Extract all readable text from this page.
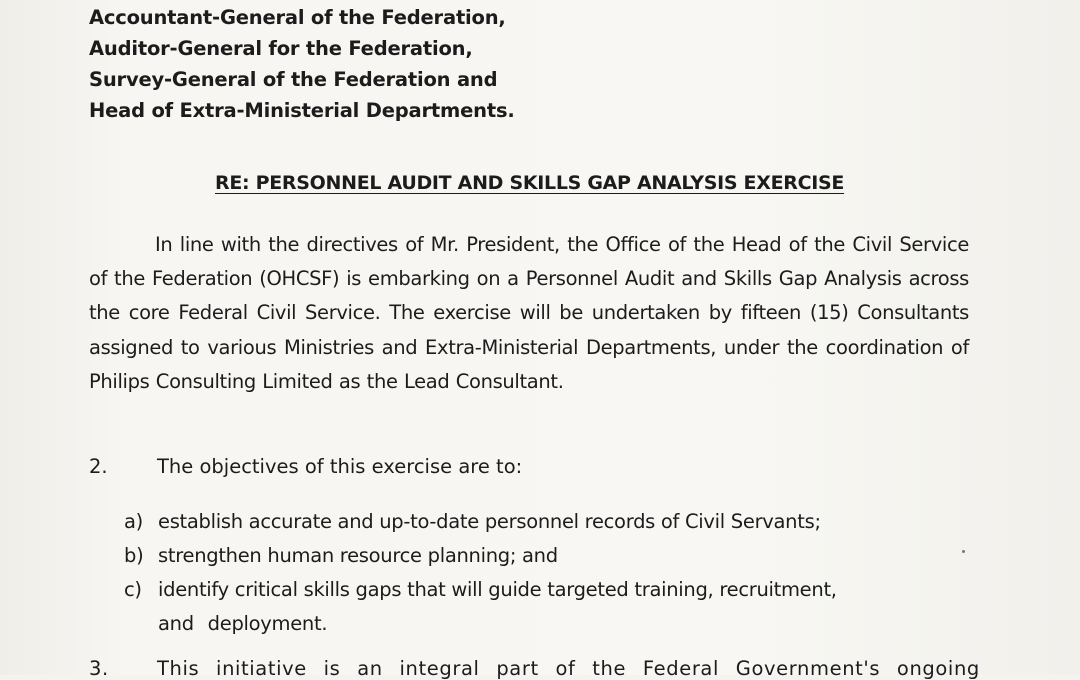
Accountant-General of the Federation,
Auditor-General for the Federation,
Survey-General of the Federation and
Head of Extra-Ministerial Departments.
RE: PERSONNEL AUDIT AND SKILLS GAP ANALYSIS EXERCISE
In line with the directives of Mr. President, the Office of the Head of the Civil Service of the Federation (OHCSF) is embarking on a Personnel Audit and Skills Gap Analysis across the core Federal Civil Service. The exercise will be undertaken by fifteen (15) Consultants assigned to various Ministries and Extra-Ministerial Departments, under the coordination of Philips Consulting Limited as the Lead Consultant.
2.	The objectives of this exercise are to:
a) establish accurate and up-to-date personnel records of Civil Servants;
b) strengthen human resource planning; and
c) identify critical skills gaps that will guide targeted training, recruitment,
and deployment.
3. This initiative is an integral part of the Federal Government's ongoing
